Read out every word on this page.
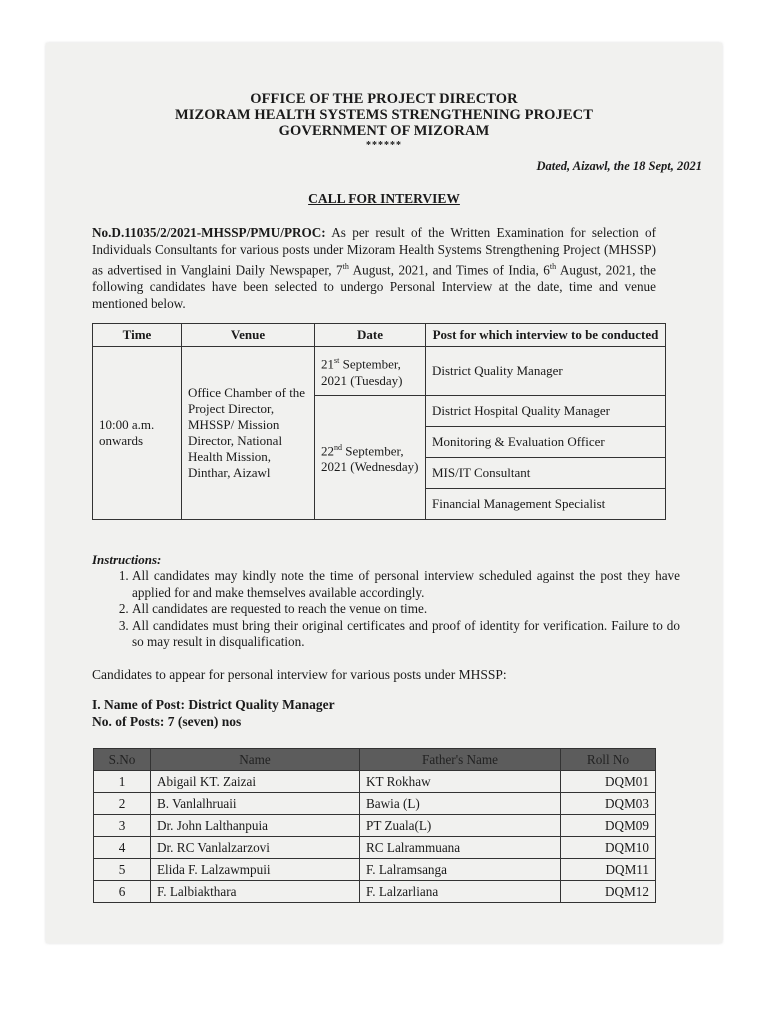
OFFICE OF THE PROJECT DIRECTOR
MIZORAM HEALTH SYSTEMS STRENGTHENING PROJECT
GOVERNMENT OF MIZORAM
******
Dated, Aizawl, the 18 Sept, 2021
CALL FOR INTERVIEW
No.D.11035/2/2021-MHSSP/PMU/PROC: As per result of the Written Examination for selection of Individuals Consultants for various posts under Mizoram Health Systems Strengthening Project (MHSSP) as advertised in Vanglaini Daily Newspaper, 7th August, 2021, and Times of India, 6th August, 2021, the following candidates have been selected to undergo Personal Interview at the date, time and venue mentioned below.
Time	Venue	Date	Post for which interview to be conducted
10:00 a.m. onwards	Office Chamber of the Project Director, MHSSP/ Mission Director, National Health Mission, Dinthar, Aizawl	21st September, 2021 (Tuesday)	District Quality Manager
		22nd September, 2021 (Wednesday)	District Hospital Quality Manager
			Monitoring & Evaluation Officer
			MIS/IT Consultant
			Financial Management Specialist
Instructions:
1. All candidates may kindly note the time of personal interview scheduled against the post they have applied for and make themselves available accordingly.
2. All candidates are requested to reach the venue on time.
3. All candidates must bring their original certificates and proof of identity for verification. Failure to do so may result in disqualification.
Candidates to appear for personal interview for various posts under MHSSP:
I. Name of Post: District Quality Manager
No. of Posts: 7 (seven) nos
S.No	Name	Father's Name	Roll No
1	Abigail KT. Zaizai	KT Rokhaw	DQM01
2	B. Vanlalhruaii	Bawia (L)	DQM03
3	Dr. John Lalthanpuia	PT Zuala(L)	DQM09
4	Dr. RC Vanlalzarzovi	RC Lalrammuana	DQM10
5	Elida F. Lalzawmpuii	F. Lalramsanga	DQM11
6	F. Lalbiakthara	F. Lalzarliana	DQM12
